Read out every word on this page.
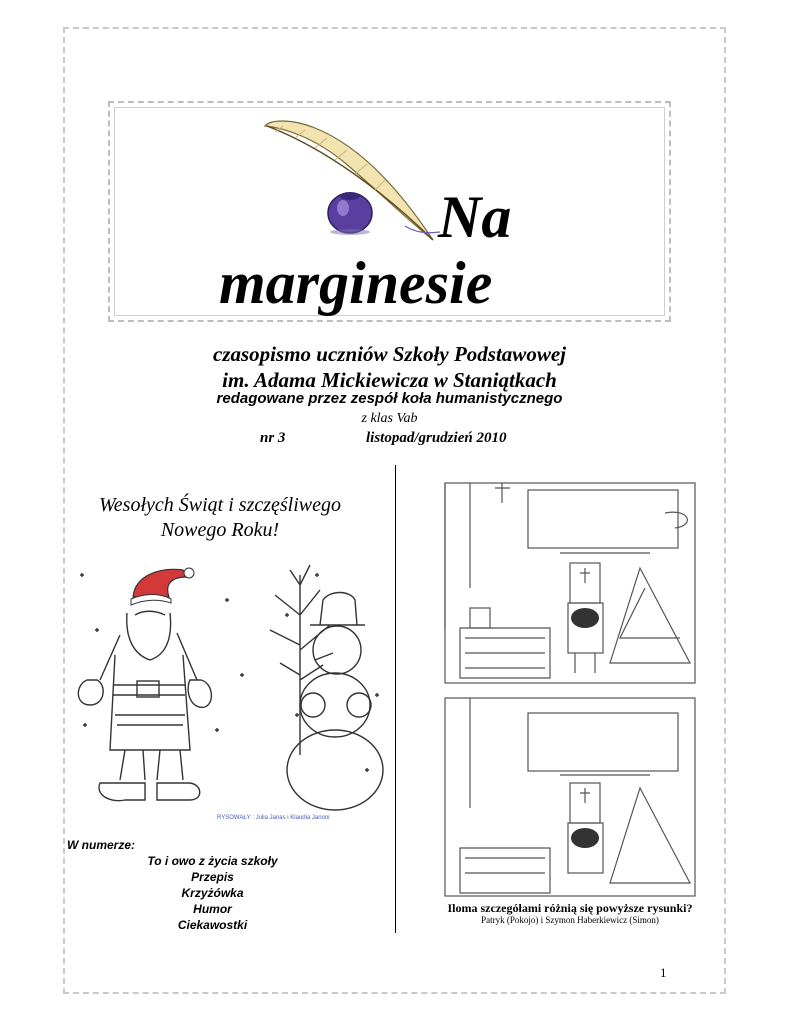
Na
marginesie
czasopismo uczniów Szkoły Podstawowej
im. Adama Mickiewicza w Staniątkach
redagowane przez zespół koła humanistycznego
z klas Vab
nr 3	listopad/grudzień 2010
Wesołych Świąt i szczęśliwego Nowego Roku!
RYSOWAŁY : Julia Janas i Klaudia Janoni
W numerze:
To i owo z życia szkoły
Przepis
Krzyżówka
Humor
Ciekawostki
Iloma szczegółami różnią się powyższe rysunki?
Patryk (Pokojo) i Szymon Haberkiewicz (Simon)
1
